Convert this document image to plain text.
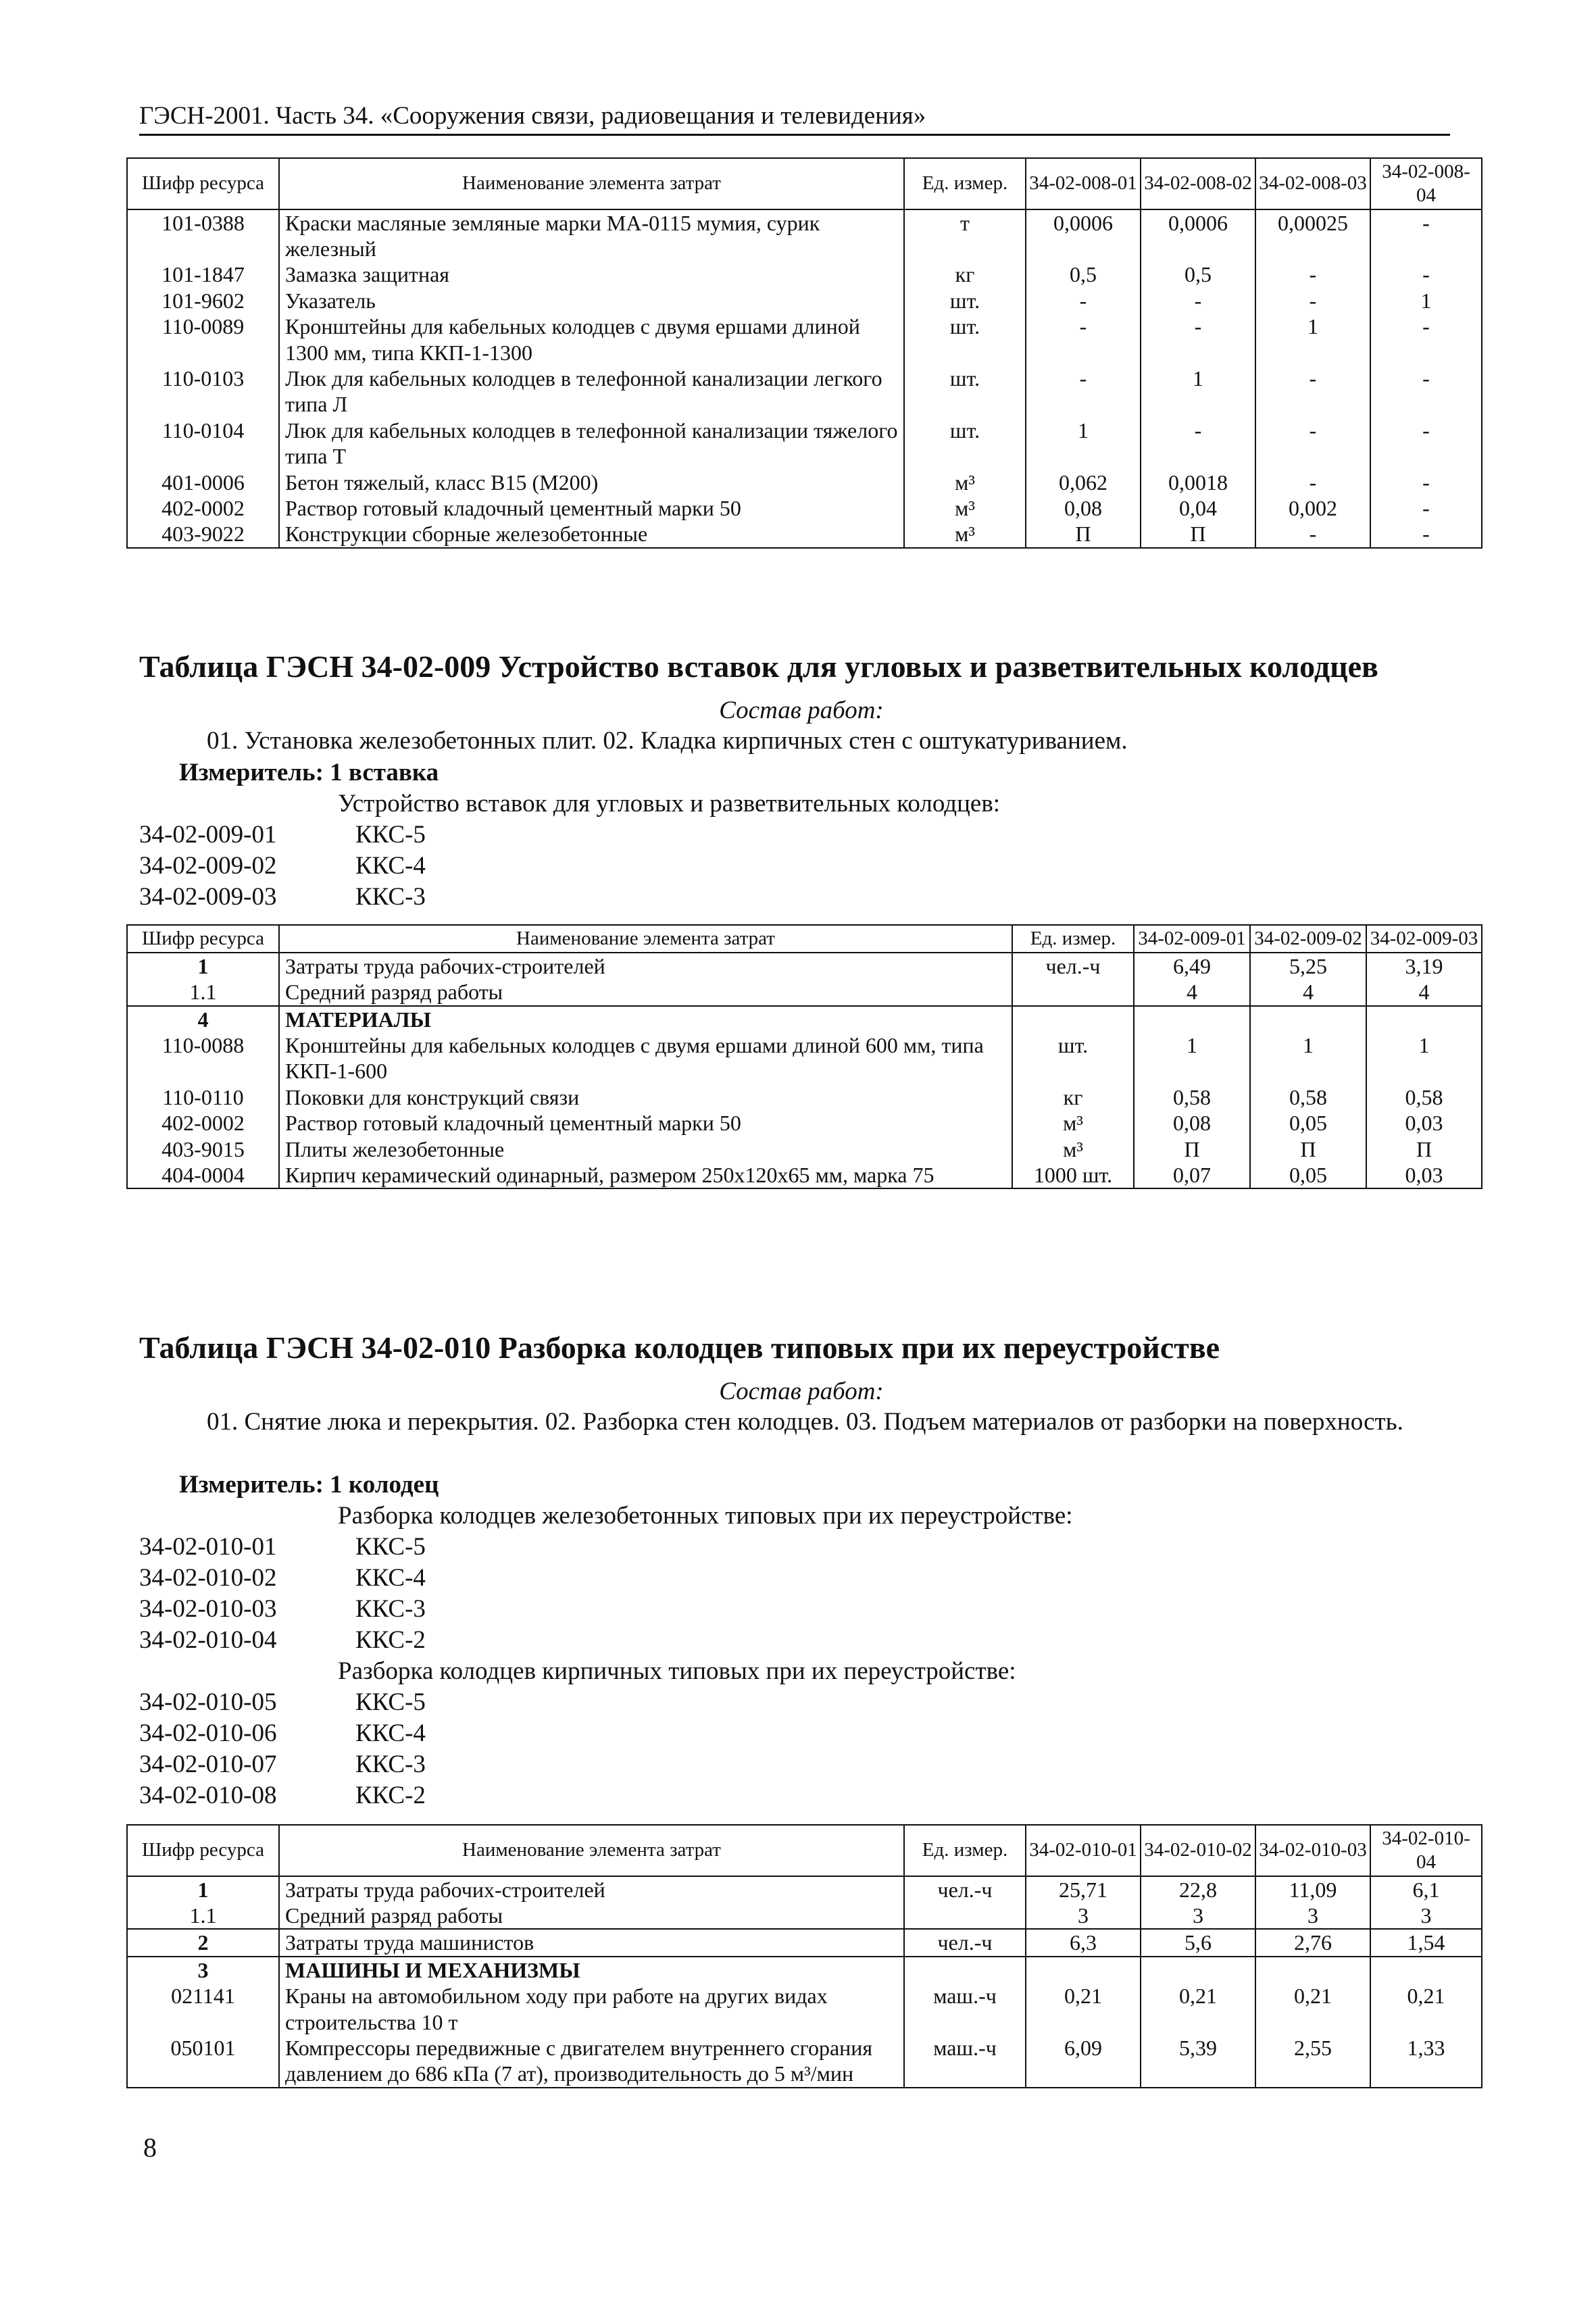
ГЭСН-2001. Часть 34. «Сооружения связи, радиовещания и телевидения»
Шифр ресурса	Наименование элемента затрат	Ед. измер.	34-02-008-01	34-02-008-02	34-02-008-03	34-02-008-04
101-0388	Краски масляные земляные марки МА-0115 мумия, сурик железный	т	0,0006	0,0006	0,00025	-
101-1847	Замазка защитная	кг	0,5	0,5	-	-
101-9602	Указатель	шт.	-	-	-	1
110-0089	Кронштейны для кабельных колодцев с двумя ершами длиной 1300 мм, типа ККП-1-1300	шт.	-	-	1	-
110-0103	Люк для кабельных колодцев в телефонной канализации легкого типа Л	шт.	-	1	-	-
110-0104	Люк для кабельных колодцев в телефонной канализации тяжелого типа Т	шт.	1	-	-	-
401-0006	Бетон тяжелый, класс В15 (М200)	м³	0,062	0,0018	-	-
402-0002	Раствор готовый кладочный цементный марки 50	м³	0,08	0,04	0,002	-
403-9022	Конструкции сборные железобетонные	м³	П	П	-	-
Таблица ГЭСН 34-02-009 Устройство вставок для угловых и разветвительных колодцев
Состав работ:
01. Установка железобетонных плит. 02. Кладка кирпичных стен с оштукатуриванием.
Измеритель: 1 вставка
Устройство вставок для угловых и разветвительных колодцев:
34-02-009-01	ККС-5
34-02-009-02	ККС-4
34-02-009-03	ККС-3
Шифр ресурса	Наименование элемента затрат	Ед. измер.	34-02-009-01	34-02-009-02	34-02-009-03
1	Затраты труда рабочих-строителей	чел.-ч	6,49	5,25	3,19
1.1	Средний разряд работы		4	4	4
4	МАТЕРИАЛЫ				
110-0088	Кронштейны для кабельных колодцев с двумя ершами длиной 600 мм, типа ККП-1-600	шт.	1	1	1
110-0110	Поковки для конструкций связи	кг	0,58	0,58	0,58
402-0002	Раствор готовый кладочный цементный марки 50	м³	0,08	0,05	0,03
403-9015	Плиты железобетонные	м³	П	П	П
404-0004	Кирпич керамический одинарный, размером 250х120х65 мм, марка 75	1000 шт.	0,07	0,05	0,03
Таблица ГЭСН 34-02-010 Разборка колодцев типовых при их переустройстве
Состав работ:
01. Снятие люка и перекрытия. 02. Разборка стен колодцев. 03. Подъем материалов от разборки на поверхность.
Измеритель: 1 колодец
Разборка колодцев железобетонных типовых при их переустройстве:
34-02-010-01	ККС-5
34-02-010-02	ККС-4
34-02-010-03	ККС-3
34-02-010-04	ККС-2
Разборка колодцев кирпичных типовых при их переустройстве:
34-02-010-05	ККС-5
34-02-010-06	ККС-4
34-02-010-07	ККС-3
34-02-010-08	ККС-2
Шифр ресурса	Наименование элемента затрат	Ед. измер.	34-02-010-01	34-02-010-02	34-02-010-03	34-02-010-04
1	Затраты труда рабочих-строителей	чел.-ч	25,71	22,8	11,09	6,1
1.1	Средний разряд работы		3	3	3	3
2	Затраты труда машинистов	чел.-ч	6,3	5,6	2,76	1,54
3	МАШИНЫ И МЕХАНИЗМЫ					
021141	Краны на автомобильном ходу при работе на других видах строительства 10 т	маш.-ч	0,21	0,21	0,21	0,21
050101	Компрессоры передвижные с двигателем внутреннего сгорания давлением до 686 кПа (7 ат), производительность до 5 м³/мин	маш.-ч	6,09	5,39	2,55	1,33
8
